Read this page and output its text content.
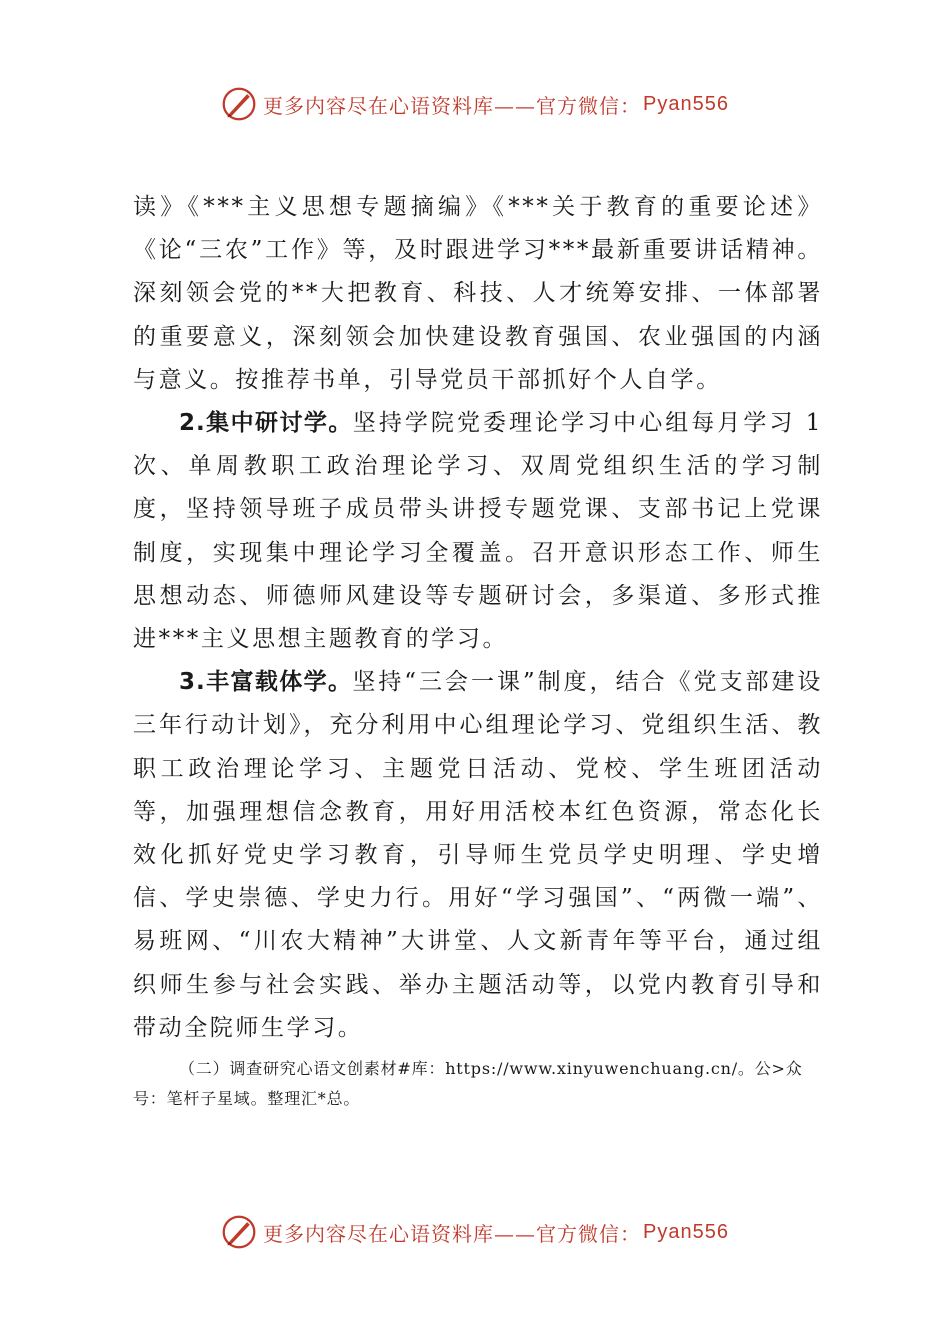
更多内容尽在心语资料库——官方微信： Pyan556

读》《***主义思想专题摘编》《***关于教育的重要论述》《论“三农”工作》等，及时跟进学习***最新重要讲话精神。深刻领会党的**大把教育、科技、人才统筹安排、一体部署的重要意义，深刻领会加快建设教育强国、农业强国的内涵与意义。按推荐书单，引导党员干部抓好个人自学。

2.集中研讨学。坚持学院党委理论学习中心组每月学习 1 次、单周教职工政治理论学习、双周党组织生活的学习制度，坚持领导班子成员带头讲授专题党课、支部书记上党课制度，实现集中理论学习全覆盖。召开意识形态工作、师生思想动态、师德师风建设等专题研讨会，多渠道、多形式推进***主义思想主题教育的学习。

3.丰富载体学。坚持“三会一课”制度，结合《党支部建设三年行动计划》，充分利用中心组理论学习、党组织生活、教职工政治理论学习、主题党日活动、党校、学生班团活动等，加强理想信念教育，用好用活校本红色资源，常态化长效化抓好党史学习教育，引导师生党员学史明理、学史增信、学史崇德、学史力行。用好“学习强国”、“两微一端”、易班网、“川农大精神”大讲堂、人文新青年等平台，通过组织师生参与社会实践、举办主题活动等，以党内教育引导和带动全院师生学习。

（二）调查研究心语文创素材#库：https://www.xinyuwenchuang.cn/。公>众号：笔杆子星域。整理汇*总。

更多内容尽在心语资料库——官方微信： Pyan556
